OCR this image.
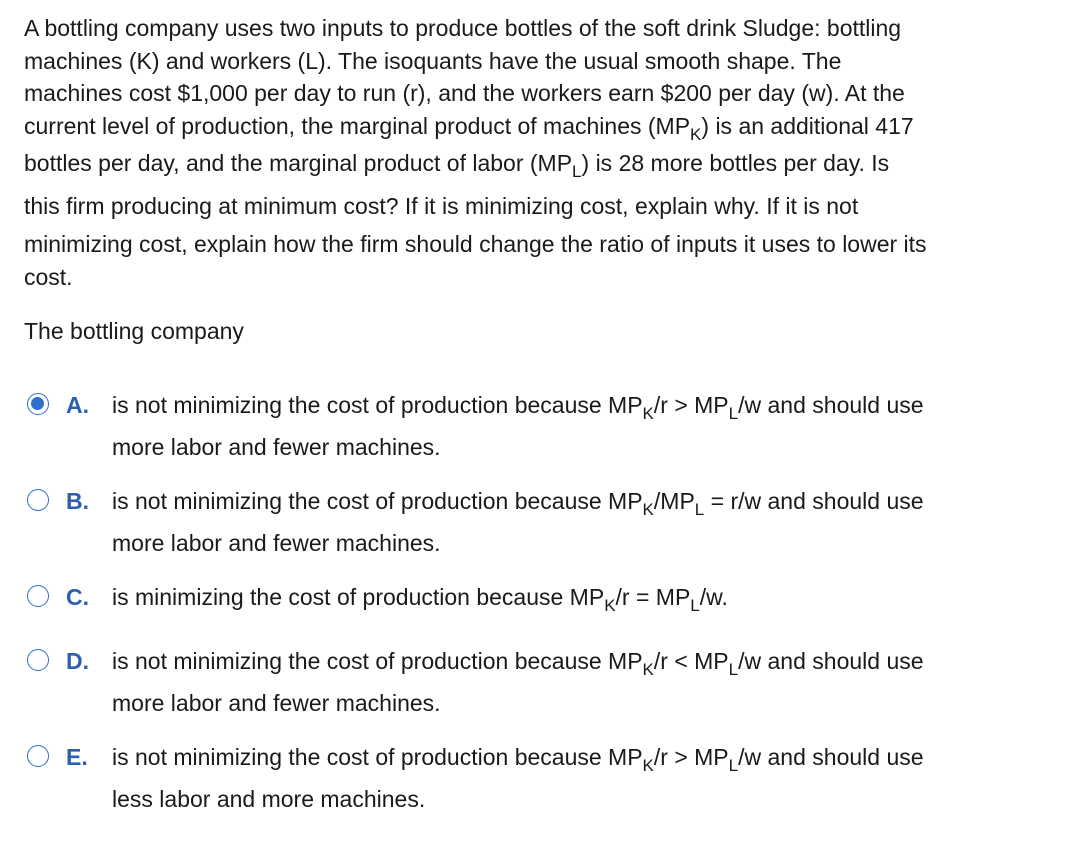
A bottling company uses two inputs to produce bottles of the soft drink Sludge: bottling
machines (K) and workers (L). The isoquants have the usual smooth shape. The
machines cost $1,000 per day to run (r), and the workers earn $200 per day (w). At the
current level of production, the marginal product of machines $(MP_K)$ is an additional 417
bottles per day, and the marginal product of labor $(MP_L)$ is 28 more bottles per day. Is
this firm producing at minimum cost? If it is minimizing cost, explain why. If it is not
minimizing cost, explain how the firm should change the ratio of inputs it uses to lower its
cost.
The bottling company
A. is not minimizing the cost of production because $MP_K/r > MP_L/w$ and should use
more labor and fewer machines.
B. is not minimizing the cost of production because $MP_K/MP_L = r/w$ and should use
more labor and fewer machines.
C. is minimizing the cost of production because $MP_K/r = MP_L/w$.
D. is not minimizing the cost of production because $MP_K/r < MP_L/w$ and should use
more labor and fewer machines.
E. is not minimizing the cost of production because $MP_K/r > MP_L/w$ and should use
less labor and more machines.
